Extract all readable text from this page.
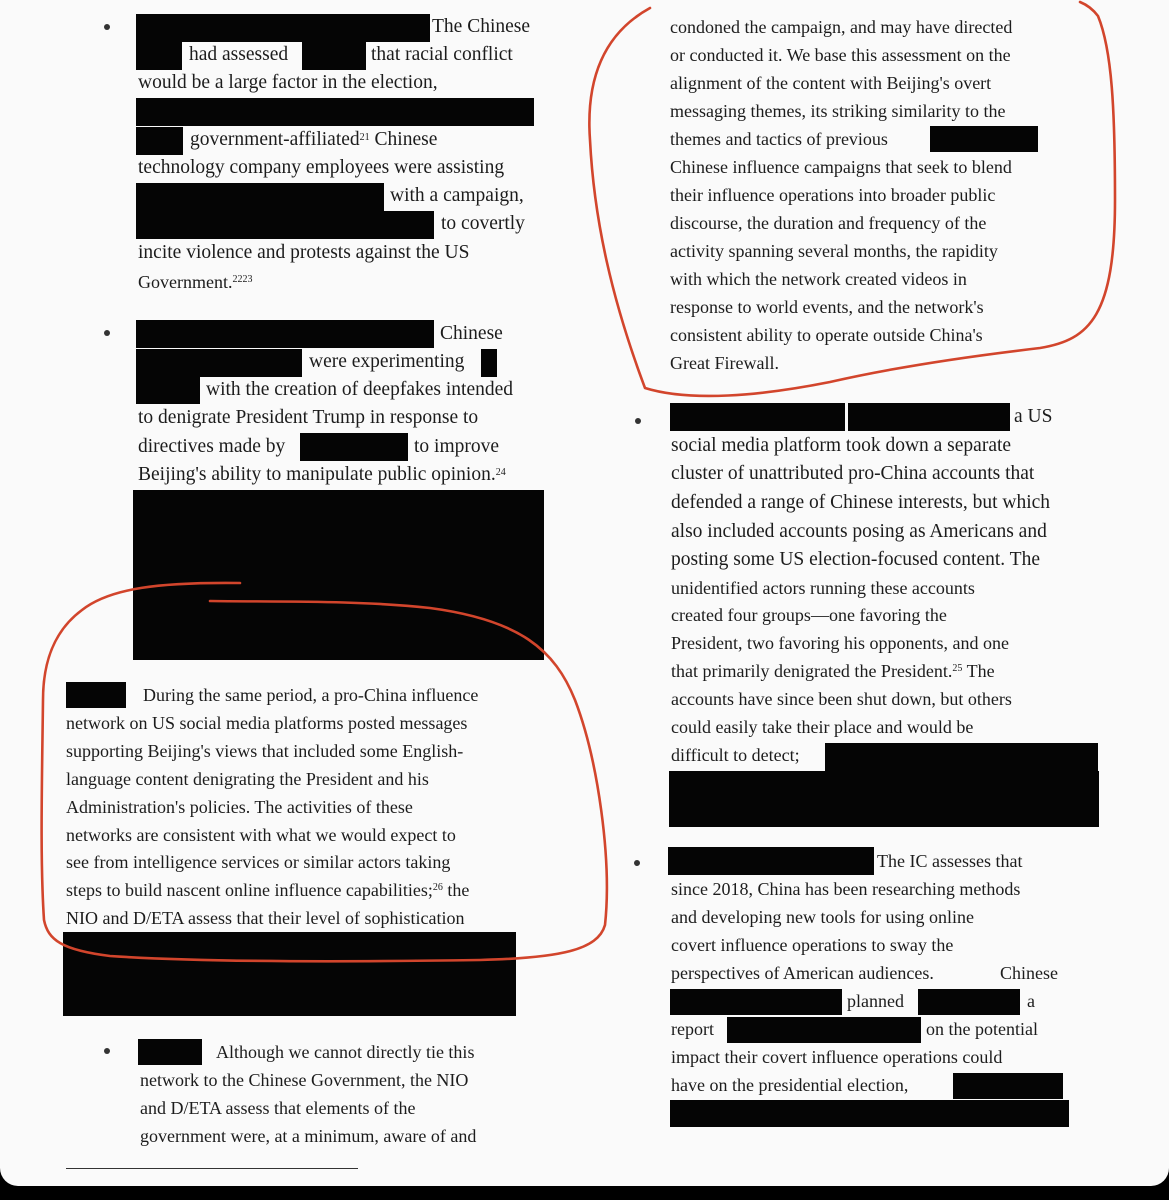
The Chinese
had assessed	that racial conflict
would be a large factor in the election,
government-affiliated$^{21}$ Chinese
technology company employees were assisting
with a campaign,
to covertly
incite violence and protests against the US
Government.$^{2223}$
Chinese
were experimenting
with the creation of deepfakes intended
to denigrate President Trump in response to
directives made by	to improve
Beijing's ability to manipulate public opinion.$^{24}$
During the same period, a pro-China influence
network on US social media platforms posted messages
supporting Beijing's views that included some English-
language content denigrating the President and his
Administration's policies. The activities of these
networks are consistent with what we would expect to
see from intelligence services or similar actors taking
steps to build nascent online influence capabilities;$^{26}$ the
NIO and D/ETA assess that their level of sophistication
Although we cannot directly tie this
network to the Chinese Government, the NIO
and D/ETA assess that elements of the
government were, at a minimum, aware of and
condoned the campaign, and may have directed
or conducted it. We base this assessment on the
alignment of the content with Beijing's overt
messaging themes, its striking similarity to the
themes and tactics of previous
Chinese influence campaigns that seek to blend
their influence operations into broader public
discourse, the duration and frequency of the
activity spanning several months, the rapidity
with which the network created videos in
response to world events, and the network's
consistent ability to operate outside China's
Great Firewall.
a US
social media platform took down a separate
cluster of unattributed pro-China accounts that
defended a range of Chinese interests, but which
also included accounts posing as Americans and
posting some US election-focused content. The
unidentified actors running these accounts
created four groups—one favoring the
President, two favoring his opponents, and one
that primarily denigrated the President.$^{25}$ The
accounts have since been shut down, but others
could easily take their place and would be
difficult to detect;
The IC assesses that
since 2018, China has been researching methods
and developing new tools for using online
covert influence operations to sway the
perspectives of American audiences.	Chinese
planned	a
report	on the potential
impact their covert influence operations could
have on the presidential election,
